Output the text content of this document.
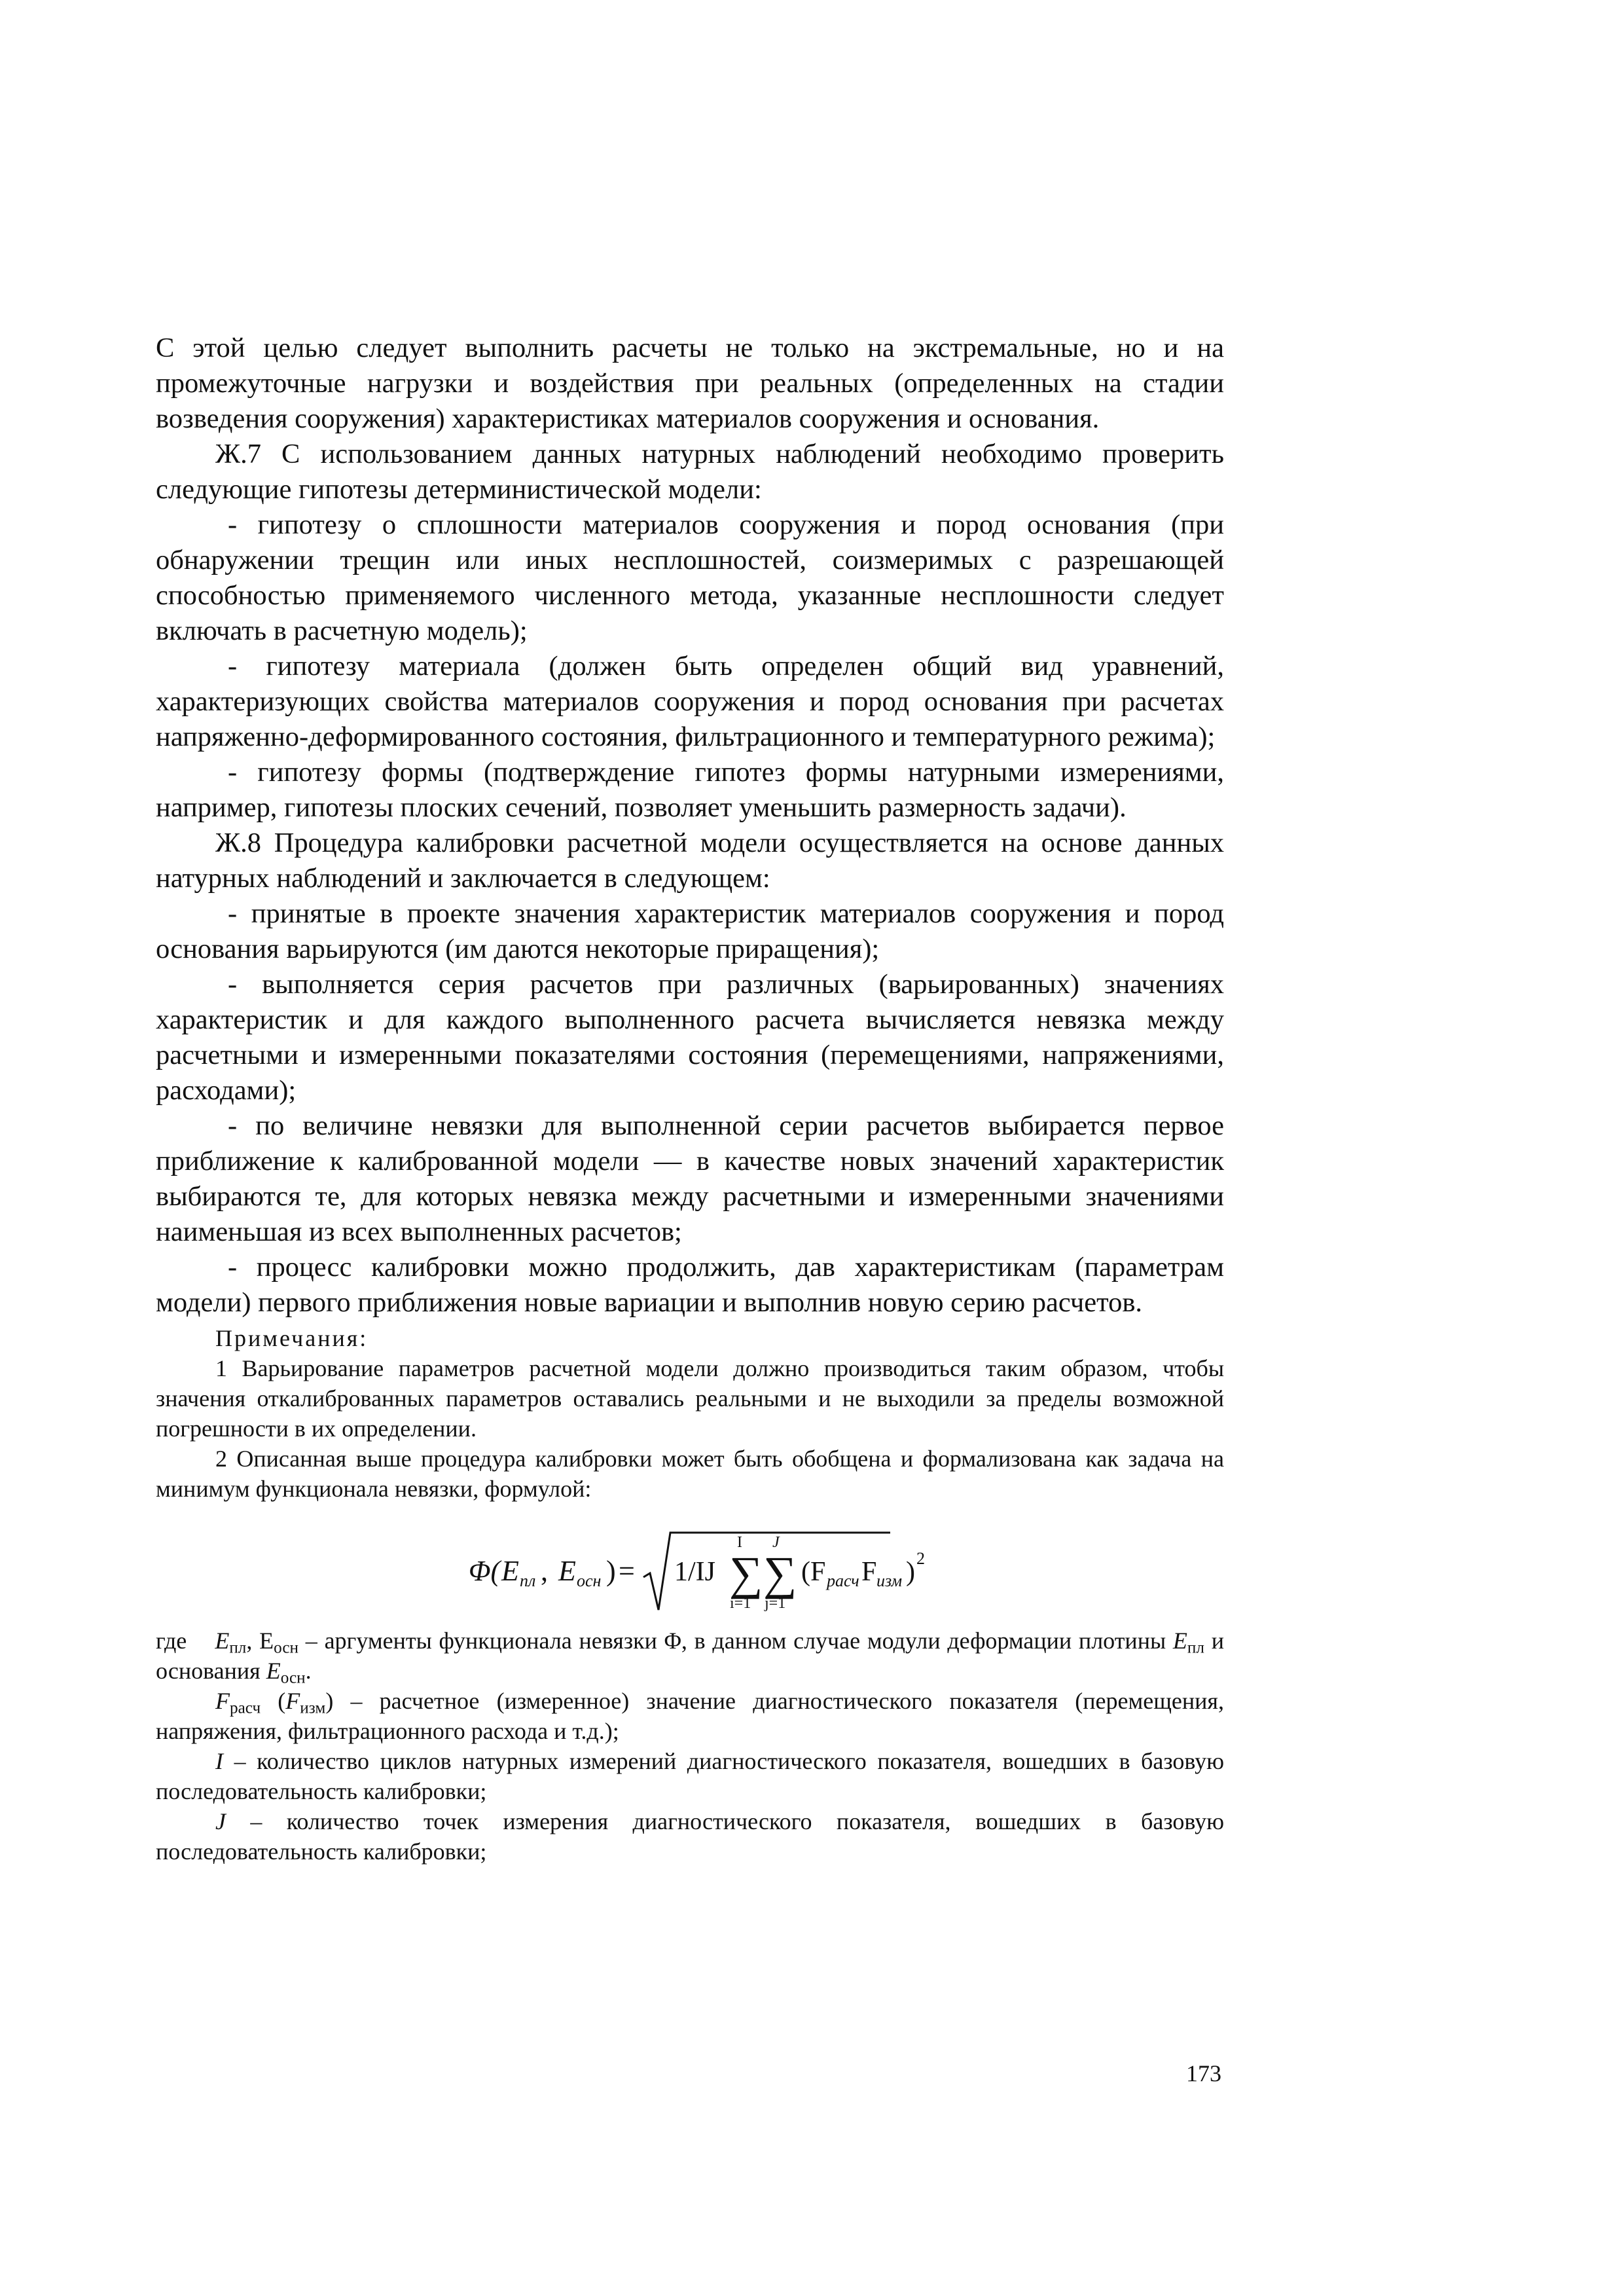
С этой целью следует выполнить расчеты не только на экстремальные, но и на промежуточные нагрузки и воздействия при реальных (определенных на стадии возведения сооружения) характеристиках материалов сооружения и основания.

Ж.7 С использованием данных натурных наблюдений необходимо проверить следующие гипотезы детерминистической модели:

- гипотезу о сплошности материалов сооружения и пород основания (при обнаружении трещин или иных несплошностей, соизмеримых с разрешающей способностью применяемого численного метода, указанные несплошности следует включать в расчетную модель);

- гипотезу материала (должен быть определен общий вид уравнений, характеризующих свойства материалов сооружения и пород основания при расчетах напряженно-деформированного состояния, фильтрационного и температурного режима);

- гипотезу формы (подтверждение гипотез формы натурными измерениями, например, гипотезы плоских сечений, позволяет уменьшить размерность задачи).

Ж.8 Процедура калибровки расчетной модели осуществляется на основе данных натурных наблюдений и заключается в следующем:

- принятые в проекте значения характеристик материалов сооружения и пород основания варьируются (им даются некоторые приращения);

- выполняется серия расчетов при различных (варьированных) значениях характеристик и для каждого выполненного расчета вычисляется невязка между расчетными и измеренными показателями состояния (перемещениями, напряжениями, расходами);

- по величине невязки для выполненной серии расчетов выбирается первое приближение к калиброванной модели — в качестве новых значений характеристик выбираются те, для которых невязка между расчетными и измеренными значениями наименьшая из всех выполненных расчетов;

- процесс калибровки можно продолжить, дав характеристикам (параметрам модели) первого приближения новые вариации и выполнив новую серию расчетов.

Примечания:

1 Варьирование параметров расчетной модели должно производиться таким образом, чтобы значения откалиброванных параметров оставались реальными и не выходили за пределы возможной погрешности в их определении.

2 Описанная выше процедура калибровки может быть обобщена и формализована как задача на минимум функционала невязки, формулой:

Φ( E пл , E осн ) = 1/IJ ∑
I
i=1
∑
J
j=1
(F расч F изм ) 2

где $E_{пл}$, $E_{осн}$ – аргументы функционала невязки Φ, в данном случае модули деформации плотины $E_{пл}$ и основания $E_{осн}$.

$F_{расч}$ $(F_{изм})$ – расчетное (измеренное) значение диагностического показателя (перемещения, напряжения, фильтрационного расхода и т.д.);

I – количество циклов натурных измерений диагностического показателя, вошедших в базовую последовательность калибровки;

J – количество точек измерения диагностического показателя, вошедших в базовую последовательность калибровки;

173
